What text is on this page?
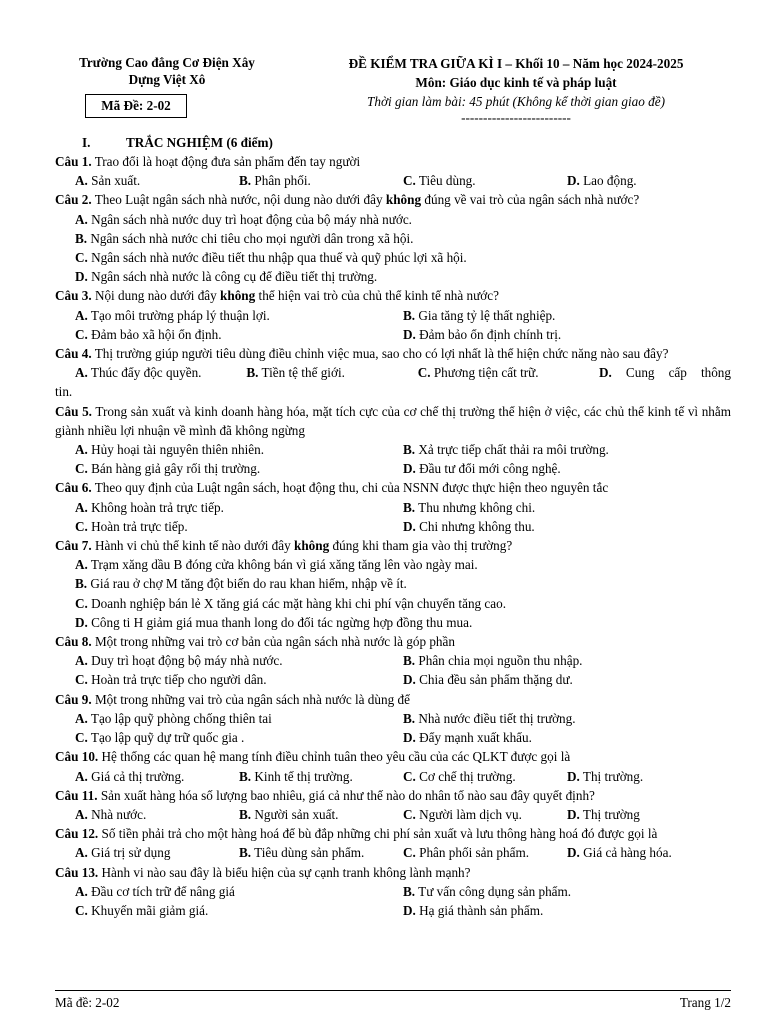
Trường Cao đẳng Cơ Điện Xây
Dựng Việt Xô
Mã Đề: 2-02
ĐỀ KIỂM TRA GIỮA KÌ I – Khối 10 – Năm học 2024-2025
Môn: Giáo dục kinh tế và pháp luật
Thời gian làm bài: 45 phút (Không kể thời gian giao đề)
-------------------------
I.	TRẮC NGHIỆM (6 điểm)
Câu 1. Trao đổi là hoạt động đưa sản phẩm đến tay người
A. Sản xuất.	B. Phân phối.	C. Tiêu dùng.	D. Lao động.
Câu 2. Theo Luật ngân sách nhà nước, nội dung nào dưới đây không đúng về vai trò của ngân sách nhà nước?
A. Ngân sách nhà nước duy trì hoạt động của bộ máy nhà nước.
B. Ngân sách nhà nước chi tiêu cho mọi người dân trong xã hội.
C. Ngân sách nhà nước điều tiết thu nhập qua thuế và quỹ phúc lợi xã hội.
D. Ngân sách nhà nước là công cụ để điều tiết thị trường.
Câu 3. Nội dung nào dưới đây không thể hiện vai trò của chủ thể kinh tế nhà nước?
A. Tạo môi trường pháp lý thuận lợi.	B. Gia tăng tỷ lệ thất nghiệp.
C. Đảm bảo xã hội ổn định.	D. Đảm bảo ổn định chính trị.
Câu 4. Thị trường giúp người tiêu dùng điều chỉnh việc mua, sao cho có lợi nhất là thể hiện chức năng nào sau đây?
A. Thúc đẩy độc quyền.	B. Tiền tệ thế giới.	C. Phương tiện cất trữ.	D. Cung cấp thông
tin.
Câu 5. Trong sản xuất và kinh doanh hàng hóa, mặt tích cực của cơ chế thị trường thể hiện ở việc, các chủ thể kinh tế vì nhằm giành nhiều lợi nhuận về mình đã không ngừng
A. Hủy hoại tài nguyên thiên nhiên.	B. Xả trực tiếp chất thải ra môi trường.
C. Bán hàng giả gây rối thị trường.	D. Đầu tư đổi mới công nghệ.
Câu 6. Theo quy định của Luật ngân sách, hoạt động thu, chi của NSNN được thực hiện theo nguyên tắc
A. Không hoàn trả trực tiếp.	B. Thu nhưng không chi.
C. Hoàn trả trực tiếp.	D. Chi nhưng không thu.
Câu 7. Hành vi chủ thể kinh tế nào dưới đây không đúng khi tham gia vào thị trường?
A. Trạm xăng dầu B đóng cửa không bán vì giá xăng tăng lên vào ngày mai.
B. Giá rau ở chợ M tăng đột biến do rau khan hiếm, nhập về ít.
C. Doanh nghiệp bán lẻ X tăng giá các mặt hàng khi chi phí vận chuyển tăng cao.
D. Công ti H giảm giá mua thanh long do đối tác ngừng hợp đồng thu mua.
Câu 8. Một trong những vai trò cơ bản của ngân sách nhà nước là góp phần
A. Duy trì hoạt động bộ máy nhà nước.	B. Phân chia mọi nguồn thu nhập.
C. Hoàn trả trực tiếp cho người dân.	D. Chia đều sản phẩm thặng dư.
Câu 9. Một trong những vai trò của ngân sách nhà nước là dùng để
A. Tạo lập quỹ phòng chống thiên tai	B. Nhà nước điều tiết thị trường.
C. Tạo lập quỹ dự trữ quốc gia .	D. Đẩy mạnh xuất khẩu.
Câu 10. Hệ thống các quan hệ mang tính điều chỉnh tuân theo yêu cầu của các QLKT được gọi là
A. Giá cả thị trường.	B. Kinh tế thị trường.	C. Cơ chế thị trường.	D. Thị trường.
Câu 11. Sản xuất hàng hóa số lượng bao nhiêu, giá cả như thế nào do nhân tố nào sau đây quyết định?
A. Nhà nước.	B. Người sản xuất.	C. Người làm dịch vụ.	D. Thị trường
Câu 12. Số tiền phải trả cho một hàng hoá để bù đắp những chi phí sản xuất và lưu thông hàng hoá đó được gọi là
A. Giá trị sử dụng	B. Tiêu dùng sản phẩm.	C. Phân phối sản phẩm.	D. Giá cả hàng hóa.
Câu 13. Hành vi nào sau đây là biểu hiện của sự cạnh tranh không lành mạnh?
A. Đầu cơ tích trữ để nâng giá	B. Tư vấn công dụng sản phẩm.
C. Khuyến mãi giảm giá.	D. Hạ giá thành sản phẩm.
Mã đề: 2-02	Trang 1/2
